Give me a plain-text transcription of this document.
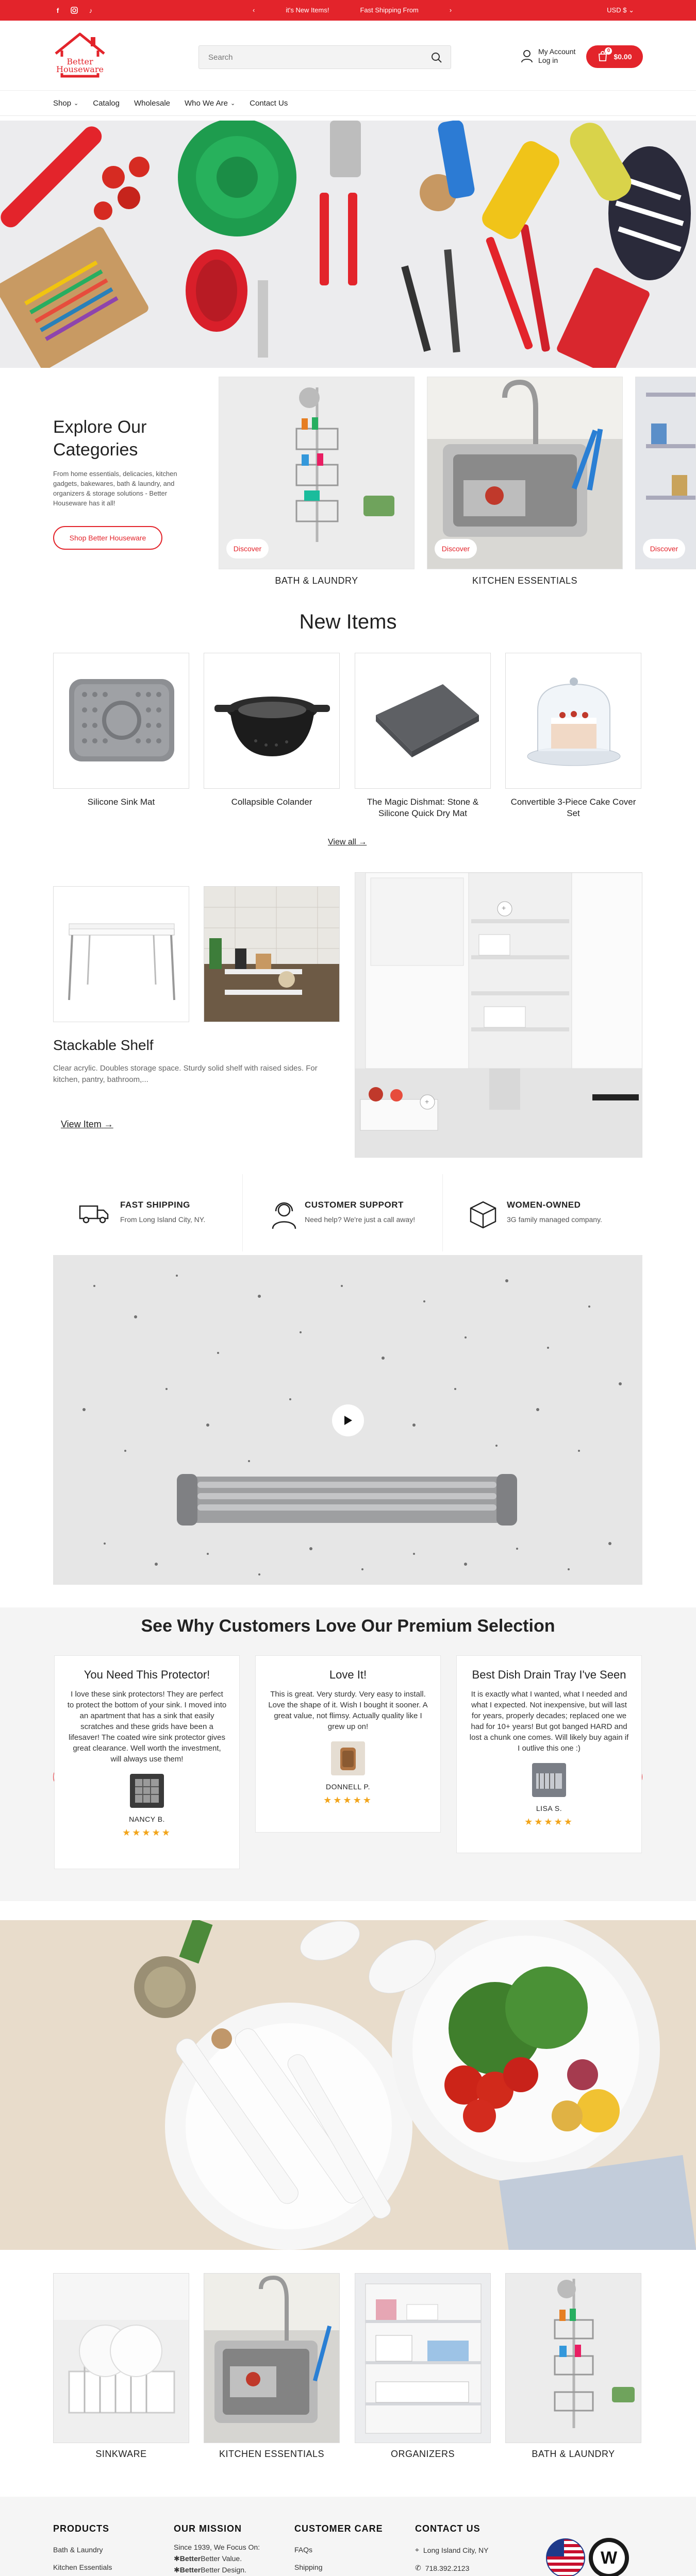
f	♪	‹	it's New Items!	Fast Shipping From	›	USD $ ⌄
Better
Houseware
Search
My Account
Log in
0
$0.00
Shop ⌄ Catalog Wholesale Who We Are ⌄ Contact Us
Explore Our
Categories
From home essentials, delicacies, kitchen gadgets, bakewares, bath & laundry, and organizers & storage solutions - Better Houseware has it all!
Shop Better Houseware
Discover
BATH & LAUNDRY
Discover
KITCHEN ESSENTIALS
Discover
New Items
Silicone Sink Mat	Collapsible Colander	The Magic Dishmat: Stone & Silicone Quick Dry Mat
Convertible 3-Piece Cake Cover Set
View all →
Stackable Shelf
Clear acrylic. Doubles storage space. Sturdy solid shelf with raised sides. For kitchen, pantry, bathroom,...
View Item →
+
+
FAST SHIPPING
From Long Island City, NY.
CUSTOMER SUPPORT
Need help? We're just a call away!
WOMEN-OWNED
3G family managed company.
See Why Customers Love Our Premium Selection
You Need This Protector!

I love these sink protectors! They are perfect to protect the bottom of your sink. I moved into an apartment that has a sink that easily scratches and these grids have been a lifesaver! The coated wire sink protector gives great clearance. Well worth the investment, will always use them!

NANCY B.
★★★★★
Love It!

This is great. Very sturdy. Very easy to install. Love the shape of it. Wish I bought it sooner. A great value, not flimsy. Actually quality like I grew up on!

DONNELL P.
★★★★★
Best Dish Drain Tray I've Seen

It is exactly what I wanted, what I needed and what I expected. Not inexpensive, but will last for years, properly decades; replaced one we had for 10+ years! But got banged HARD and lost a chunk one comes. Will likely buy again if I outlive this one :)

LISA S.
★★★★★
SINKWARE	KITCHEN ESSENTIALS	ORGANIZERS	BATH & LAUNDRY
PRODUCTS
Bath & Laundry
Kitchen Essentials
OUR MISSION
Since 1939, We Focus On:
✱BetterBetter Value.
✱BetterBetter Design.
CUSTOMER CARE
FAQs
Shipping
CONTACT US
⌖ Long Island City, NY
✆ 718.392.2123
W
